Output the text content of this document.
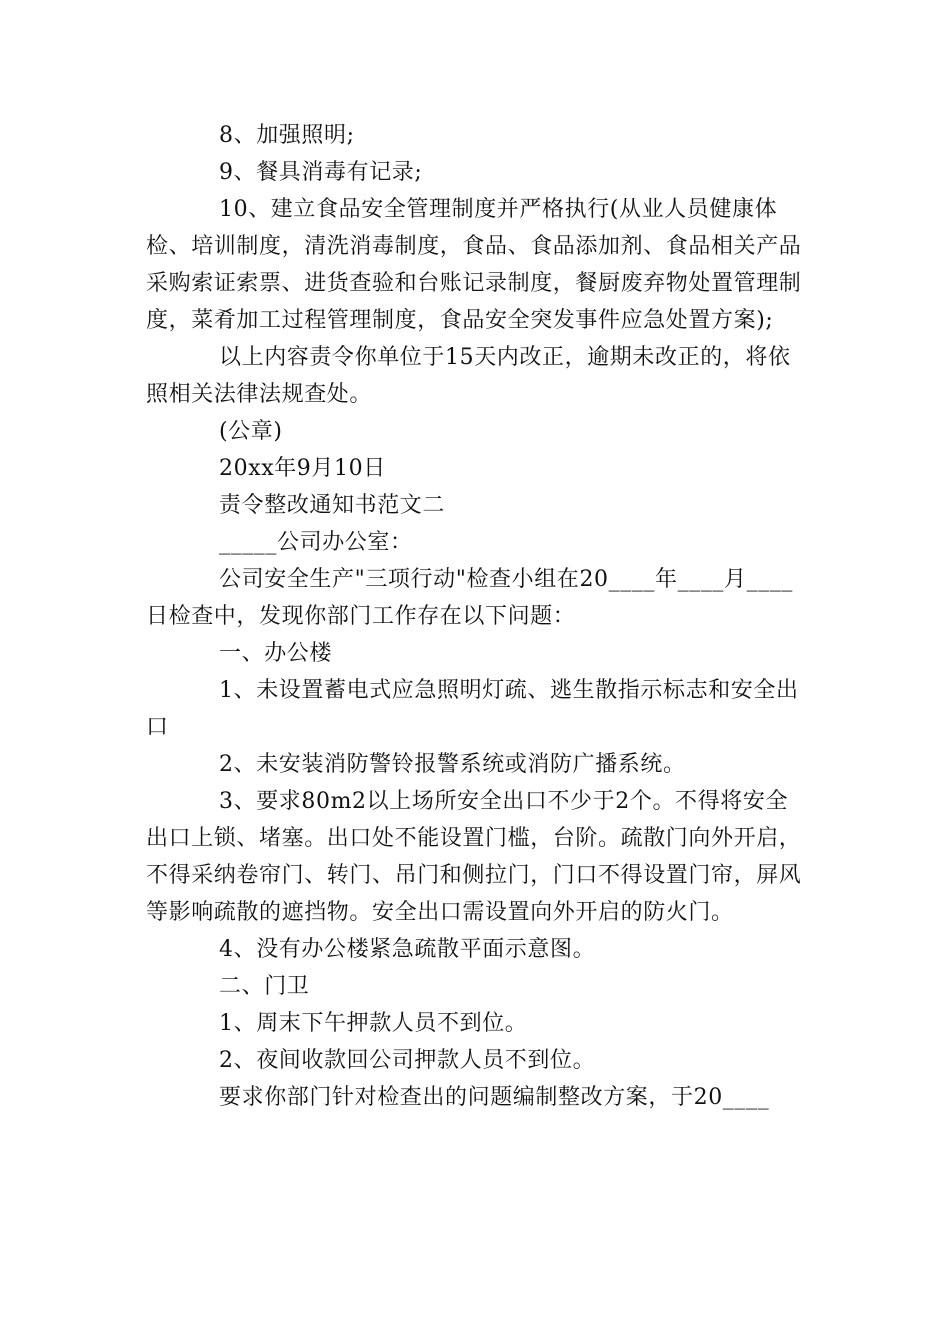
8、加强照明;

9、餐具消毒有记录;

10、建立食品安全管理制度并严格执行(从业人员健康体检、培训制度，清洗消毒制度，食品、食品添加剂、食品相关产品采购索证索票、进货查验和台账记录制度，餐厨废弃物处置管理制度，菜肴加工过程管理制度，食品安全突发事件应急处置方案);

以上内容责令你单位于15天内改正，逾期未改正的，将依照相关法律法规查处。

(公章)

20xx年9月10日

责令整改通知书范文二

_____公司办公室：

公司安全生产"三项行动"检查小组在20____年____月____日检查中，发现你部门工作存在以下问题：

一、办公楼

1、未设置蓄电式应急照明灯疏、逃生散指示标志和安全出口

2、未安装消防警铃报警系统或消防广播系统。

3、要求80m2以上场所安全出口不少于2个。不得将安全出口上锁、堵塞。出口处不能设置门槛，台阶。疏散门向外开启，不得采纳卷帘门、转门、吊门和侧拉门，门口不得设置门帘，屏风等影响疏散的遮挡物。安全出口需设置向外开启的防火门。

4、没有办公楼紧急疏散平面示意图。

二、门卫

1、周末下午押款人员不到位。

2、夜间收款回公司押款人员不到位。

要求你部门针对检查出的问题编制整改方案，于20____
